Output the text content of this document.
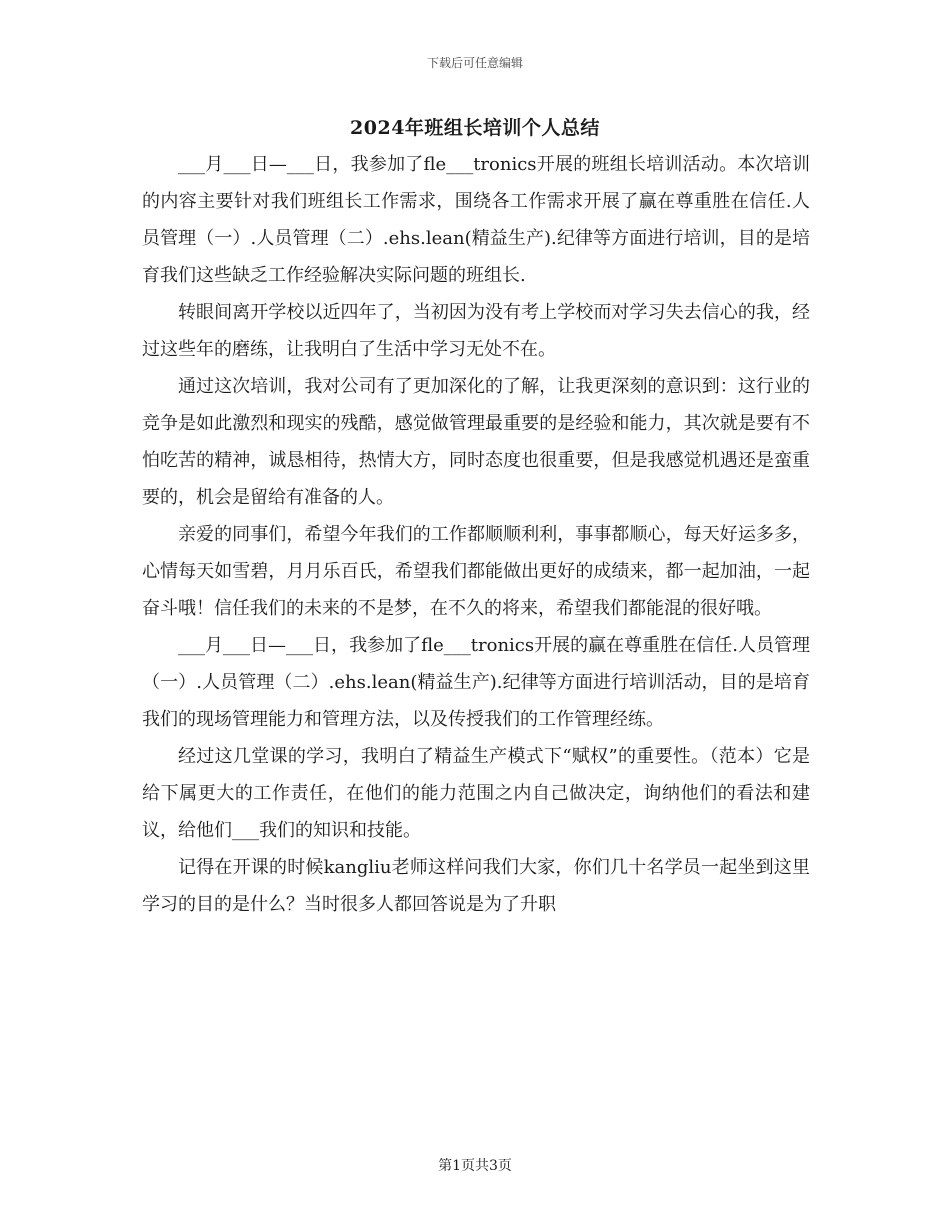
下载后可任意编辑
2024年班组长培训个人总结

___月___日—___日，我参加了fle___tronics开展的班组长培训活动。本次培训的内容主要针对我们班组长工作需求，围绕各工作需求开展了赢在尊重胜在信任.人员管理（一）.人员管理（二）.ehs.lean(精益生产).纪律等方面进行培训，目的是培育我们这些缺乏工作经验解决实际问题的班组长.

转眼间离开学校以近四年了，当初因为没有考上学校而对学习失去信心的我，经过这些年的磨练，让我明白了生活中学习无处不在。

通过这次培训，我对公司有了更加深化的了解，让我更深刻的意识到：这行业的竞争是如此激烈和现实的残酷，感觉做管理最重要的是经验和能力，其次就是要有不怕吃苦的精神，诚恳相待，热情大方，同时态度也很重要，但是我感觉机遇还是蛮重要的，机会是留给有准备的人。

亲爱的同事们，希望今年我们的工作都顺顺利利，事事都顺心，每天好运多多，心情每天如雪碧，月月乐百氏，希望我们都能做出更好的成绩来，都一起加油，一起奋斗哦！信任我们的未来的不是梦，在不久的将来，希望我们都能混的很好哦。

___月___日—___日，我参加了fle___tronics开展的赢在尊重胜在信任.人员管理（一）.人员管理（二）.ehs.lean(精益生产).纪律等方面进行培训活动，目的是培育我们的现场管理能力和管理方法，以及传授我们的工作管理经练。

经过这几堂课的学习，我明白了精益生产模式下“赋权”的重要性。（范本）它是给下属更大的工作责任，在他们的能力范围之内自己做决定，询纳他们的看法和建议，给他们___我们的知识和技能。

记得在开课的时候kangliu老师这样问我们大家，你们几十名学员一起坐到这里学习的目的是什么？当时很多人都回答说是为了升职

第1页共3页
